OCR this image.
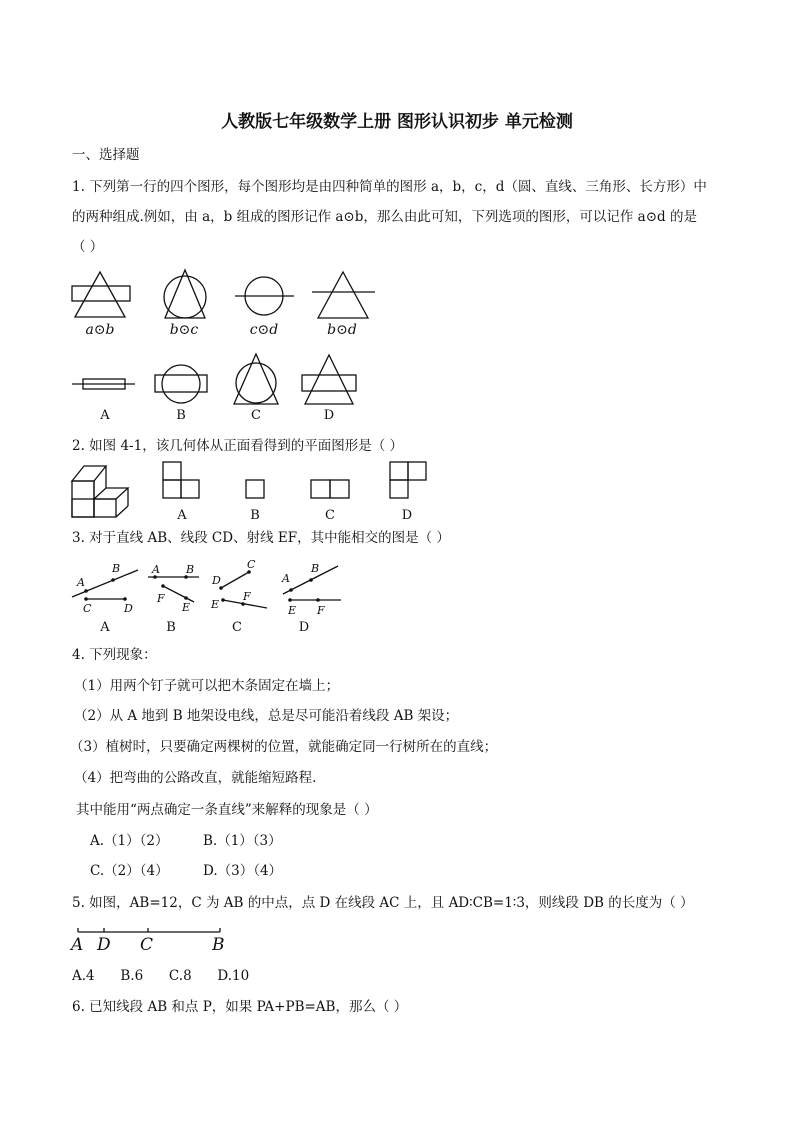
人教版七年级数学上册 图形认识初步 单元检测
一、选择题
1. 下列第一行的四个图形，每个图形均是由四种简单的图形 a，b，c，d（圆、直线、三角形、长方形）中
的两种组成.例如，由 a，b 组成的图形记作 a⊙b，那么由此可知，下列选项的图形，可以记作 a⊙d 的是
（ ）
a⊙b	b⊙c	c⊙d	b⊙d
A	B	C	D
2. 如图 4-1，该几何体从正面看得到的平面图形是（ ）
A	B	C	D
3. 对于直线 AB、线段 CD、射线 EF，其中能相交的图是（ ）
A
B
C	D
A B
F
E
D
C
E
F
A
B
E F
A	B	C	D
4. 下列现象：
（1）用两个钉子就可以把木条固定在墙上；
（2）从 A 地到 B 地架设电线，总是尽可能沿着线段 AB 架设；
（3）植树时，只要确定两棵树的位置，就能确定同一行树所在的直线；
（4）把弯曲的公路改直，就能缩短路程.
其中能用“两点确定一条直线”来解释的现象是（ ）
A.（1）（2）	B.（1）（3）
C.（2）（4）	D.（3）（4）
5. 如图，AB=12，C 为 AB 的中点，点 D 在线段 AC 上，且 AD∶CB=1∶3，则线段 DB 的长度为（ ）
A D C	B
A.4      B.6      C.8      D.10
6. 已知线段 AB 和点 P，如果 PA+PB=AB，那么（ ）
